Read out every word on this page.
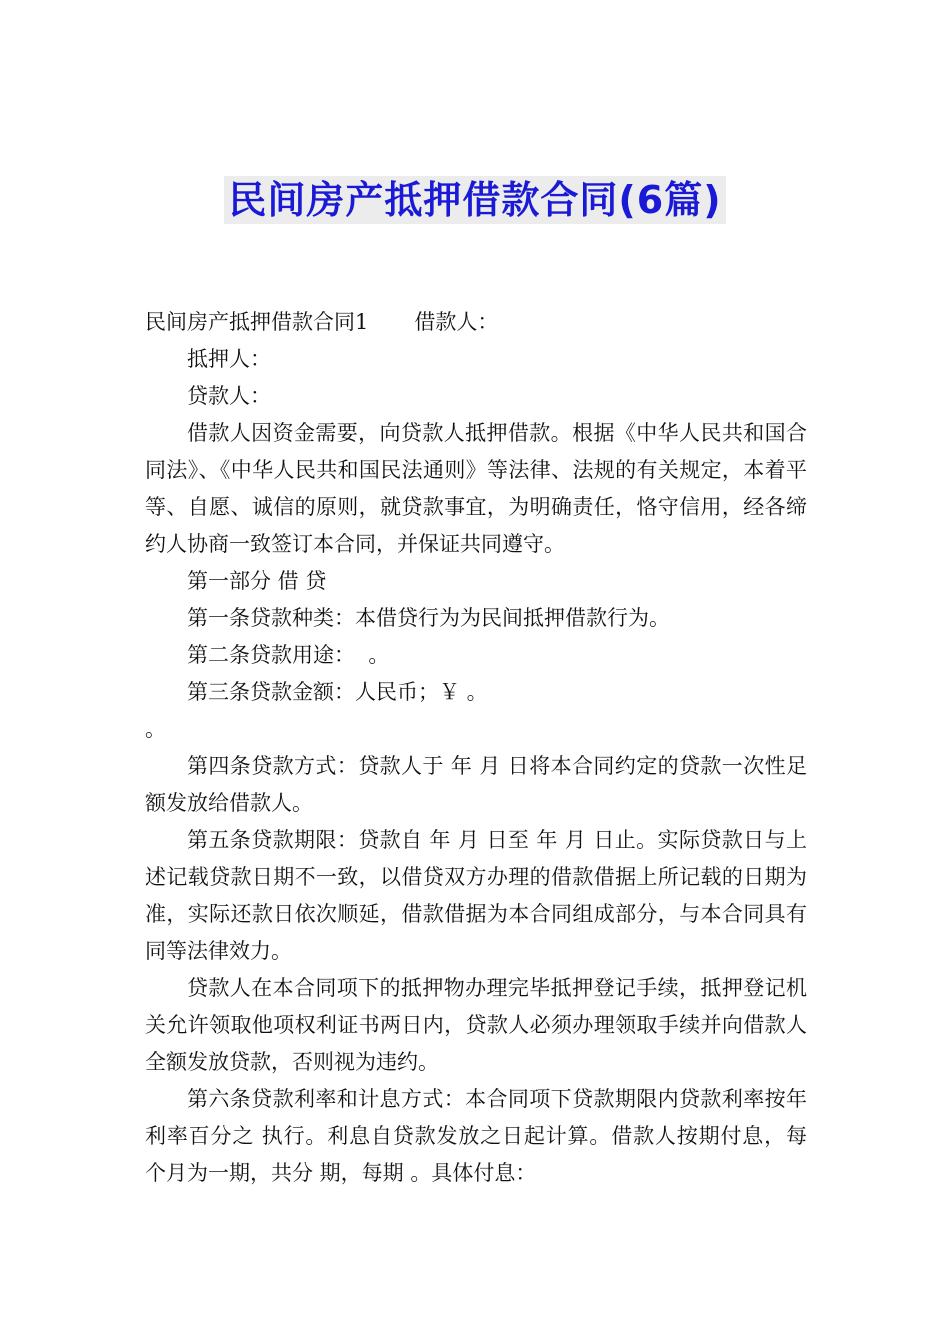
民间房产抵押借款合同(6篇)

民间房产抵押借款合同1 借款人：

抵押人：

贷款人：

借款人因资金需要，向贷款人抵押借款。根据《中华人民共和国合同法》、《中华人民共和国民法通则》等法律、法规的有关规定，本着平等、自愿、诚信的原则，就贷款事宜，为明确责任，恪守信用，经各缔约人协商一致签订本合同，并保证共同遵守。

第一部分 借 贷

第一条贷款种类：本借贷行为为民间抵押借款行为。

第二条贷款用途：  。

第三条贷款金额：人民币；￥ 。

。

第四条贷款方式：贷款人于 年 月 日将本合同约定的贷款一次性足额发放给借款人。

第五条贷款期限：贷款自 年 月 日至 年 月 日止。实际贷款日与上述记载贷款日期不一致，以借贷双方办理的借款借据上所记载的日期为准，实际还款日依次顺延，借款借据为本合同组成部分，与本合同具有同等法律效力。

贷款人在本合同项下的抵押物办理完毕抵押登记手续，抵押登记机关允许领取他项权利证书两日内，贷款人必须办理领取手续并向借款人全额发放贷款，否则视为违约。

第六条贷款利率和计息方式：本合同项下贷款期限内贷款利率按年利率百分之 执行。利息自贷款发放之日起计算。借款人按期付息，每 个月为一期，共分 期，每期 。具体付息：
